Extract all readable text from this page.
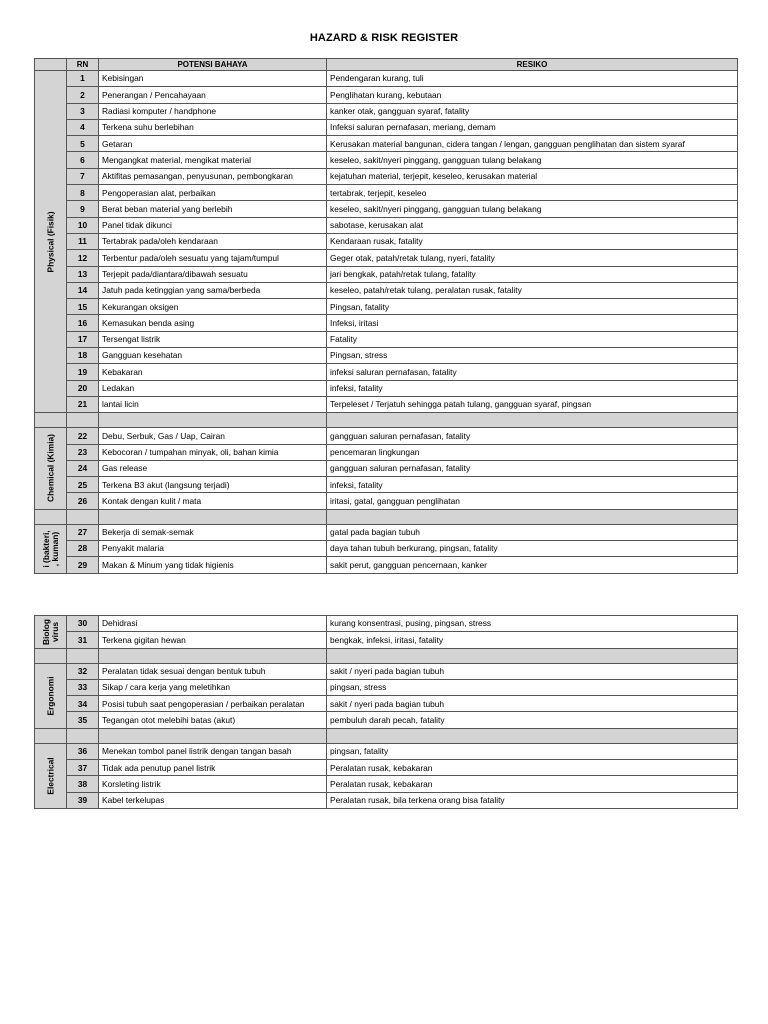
HAZARD & RISK REGISTER
	RN	POTENSI BAHAYA	RESIKO

Physical (Fisik)	1	Kebisingan	Pendengaran kurang, tuli
	2	Penerangan / Pencahayaan	Penglihatan kurang, kebutaan
	3	Radiasi komputer / handphone	kanker otak, gangguan syaraf, fatality
	4	Terkena suhu berlebihan	Infeksi saluran pernafasan, meriang, demam
	5	Getaran	Kerusakan material bangunan, cidera tangan / lengan, gangguan penglihatan dan sistem syaraf
	6	Mengangkat material, mengikat material	keseleo, sakit/nyeri pinggang, gangguan tulang belakang
	7	Aktifitas pemasangan, penyusunan, pembongkaran	kejatuhan material, terjepit, keseleo, kerusakan material
	8	Pengoperasian alat, perbaikan	tertabrak, terjepit, keseleo
	9	Berat beban material yang berlebih	keseleo, sakit/nyeri pinggang, gangguan tulang belakang
	10	Panel tidak dikunci	sabotase, kerusakan alat
	11	Tertabrak pada/oleh kendaraan	Kendaraan rusak, fatality
	12	Terbentur pada/oleh sesuatu yang tajam/tumpul	Geger otak, patah/retak tulang, nyeri, fatality
	13	Terjepit pada/diantara/dibawah sesuatu	jari bengkak, patah/retak tulang, fatality
	14	Jatuh pada ketinggian yang sama/berbeda	keseleo, patah/retak tulang, peralatan rusak, fatality
	15	Kekurangan oksigen	Pingsan, fatality
	16	Kemasukan benda asing	Infeksi, iritasi
	17	Tersengat listrik	Fatality
	18	Gangguan kesehatan	Pingsan, stress
	19	Kebakaran	infeksi saluran pernafasan, fatality
	20	Ledakan	infeksi, fatality
	21	lantai licin	Terpeleset / Terjatuh sehingga patah tulang, gangguan syaraf, pingsan

Chemical (Kimia)	22	Debu, Serbuk, Gas / Uap, Cairan	gangguan saluran pernafasan, fatality
	23	Kebocoran / tumpahan minyak, oli, bahan kimia	pencemaran lingkungan
	24	Gas release	gangguan saluran pernafasan, fatality
	25	Terkena B3 akut (langsung terjadi)	infeksi, fatality
	26	Kontak dengan kulit / mata	iritasi, gatal, gangguan penglihatan

i (bakteri,
, kuman)	27	Bekerja di semak-semak	gatal pada bagian tubuh
	28	Penyakit malaria	daya tahan tubuh berkurang, pingsan, fatality
	29	Makan & Minum yang tidak higienis	sakit perut, gangguan pencernaan, kanker
Biolog
virus	30	Dehidrasi	kurang konsentrasi, pusing, pingsan, stress
	31	Terkena gigitan hewan	bengkak, infeksi, iritasi, fatality

Ergonomi	32	Peralatan tidak sesuai dengan bentuk tubuh	sakit / nyeri pada bagian tubuh
	33	Sikap / cara kerja yang meletihkan	pingsan, stress
	34	Posisi tubuh saat pengoperasian / perbaikan peralatan	sakit / nyeri pada bagian tubuh
	35	Tegangan otot melebihi batas (akut)	pembuluh darah pecah, fatality

Electrical	36	Menekan tombol panel listrik dengan tangan basah	pingsan, fatality
	37	Tidak ada penutup panel listrik	Peralatan rusak, kebakaran
	38	Korsleting listrik	Peralatan rusak, kebakaran
	39	Kabel terkelupas	Peralatan rusak, bila terkena orang bisa fatality
